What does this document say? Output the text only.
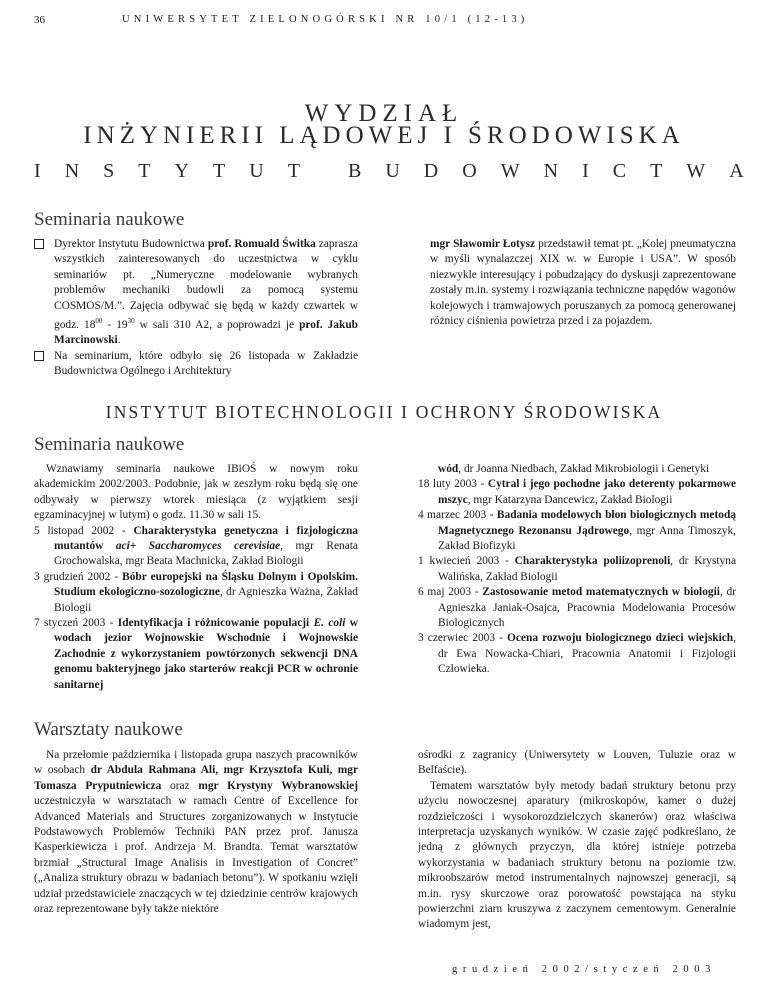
36	UNIWERSYTET ZIELONOGÓRSKI NR 10/1 (12-13)
WYDZIAŁ
INŻYNIERII LĄDOWEJ I ŚRODOWISKA
I N S T Y T U T B U D O W N I C T W A
Seminaria naukowe

Dyrektor Instytutu Budownictwa prof. Romuald Świtka zaprasza wszystkich zainteresowanych do uczestnictwa w cyklu seminariów pt. „Numeryczne modelowanie wybranych problemów mechaniki budowli za pomocą systemu COSMOS/M.”. Zajęcia odbywać się będą w każdy czwartek w godz. $18^{00} - 19^{30}$ w sali 310 A2, a poprowadzi je prof. Jakub Marcinowski.

Na seminarium, które odbyło się 26 listopada w Zakładzie Budownictwa Ogólnego i Architektury

mgr Sławomir Łotysz przedstawił temat pt. „Kolej pneumatyczna w myśli wynalazczej XIX w. w Europie i USA”. W sposób niezwykle interesujący i pobudzający do dyskusji zaprezentowane zostały m.in. systemy i rozwiązania techniczne napędów wagonów kolejowych i tramwajowych poruszanych za pomocą generowanej różnicy ciśnienia powietrza przed i za pojazdem.

INSTYTUT BIOTECHNOLOGII I OCHRONY ŚRODOWISKA
Seminaria naukowe

Wznawiamy seminaria naukowe IBiOŚ w nowym roku akademickim 2002/2003. Podobnie, jak w zeszłym roku będą się one odbywały w pierwszy wtorek miesiąca (z wyjątkiem sesji egzaminacyjnej w lutym) o godz. 11.30 w sali 15.

5 listopad 2002 - Charakterystyka genetyczna i fizjologiczna mutantów aci+ Saccharomyces cerevisiae, mgr Renata Grochowalska, mgr Beata Machnicka, Zakład Biologii

3 grudzień 2002 - Bóbr europejski na Śląsku Dolnym i Opolskim. Studium ekologiczno-sozologiczne, dr Agnieszka Ważna, Zakład Biologii

7 styczeń 2003 - Identyfikacja i różnicowanie populacji E. coli w wodach jezior Wojnowskie Wschodnie i Wojnowskie Zachodnie z wykorzystaniem powtórzonych sekwencji DNA genomu bakteryjnego jako starterów reakcji PCR w ochronie sanitarnej

wód, dr Joanna Niedbach, Zakład Mikrobiologii i Genetyki

18 luty 2003 - Cytral i jego pochodne jako deterenty pokarmowe mszyc, mgr Katarzyna Dancewicz, Zakład Biologii

4 marzec 2003 - Badania modelowych błon biologicznych metodą Magnetycznego Rezonansu Jądrowego, mgr Anna Timoszyk, Zakład Biofizyki

1 kwiecień 2003 - Charakterystyka poliizoprenoli, dr Krystyna Walińska, Zakład Biologii

6 maj 2003 - Zastosowanie metod matematycznych w biologii, dr Agnieszka Janiak-Osajca, Pracownia Modelowania Procesów Biologicznych

3 czerwiec 2003 - Ocena rozwoju biologicznego dzieci wiejskich, dr Ewa Nowacka-Chiari, Pracownia Anatomii i Fizjologii Człowieka.

Warsztaty naukowe

Na przełomie października i listopada grupa naszych pracowników w osobach dr Abdula Rahmana Ali, mgr Krzysztofa Kuli, mgr Tomasza Pryputniewicza oraz mgr Krystyny Wybranowskiej uczestniczyła w warsztatach w ramach Centre of Excellence for Advanced Materials and Structures zorganizowanych w Instytucie Podstawowych Problemów Techniki PAN przez prof. Janusza Kasperkiewicza i prof. Andrzeja M. Brandta. Temat warsztatów brzmiał „Structural Image Analisis in Investigation of Concret” („Analiza struktury obrazu w badaniach betonu”). W spotkaniu wzięli udział przedstawiciele znaczących w tej dziedzinie centrów krajowych oraz reprezentowane były także niektóre

ośrodki z zagranicy (Uniwersytety w Louven, Tuluzie oraz w Belfaście).

Tematem warsztatów były metody badań struktury betonu przy użyciu nowoczesnej aparatury (mikroskopów, kamer o dużej rozdzielczości i wysokorozdzielczych skanerów) oraz właściwa interpretacja uzyskanych wyników. W czasie zajęć podkreślano, że jedną z głównych przyczyn, dla której istnieje potrzeba wykorzystania w badaniach struktury betonu na poziomie tzw. mikroobszarów metod instrumentalnych najnowszej generacji, są m.in. rysy skurczowe oraz porowatość powstająca na styku powierzchni ziarn kruszywa z zaczynem cementowym. Generalnie wiadomym jest,

grudzień 2002/styczeń 2003
